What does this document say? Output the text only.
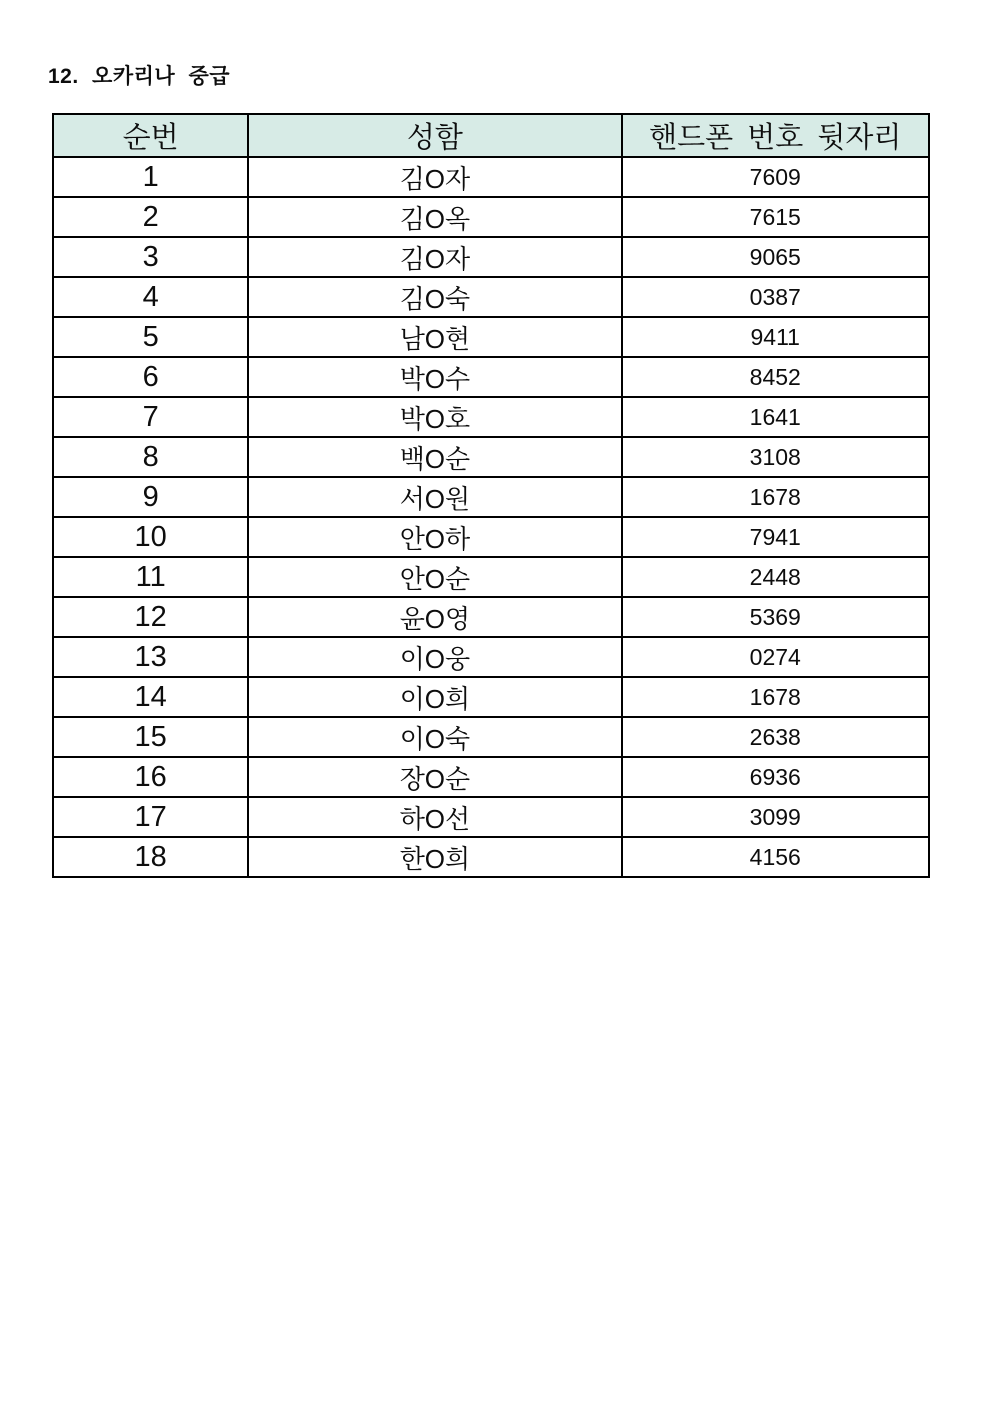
12. 오카리나 중급
순번	성함	핸드폰 번호 뒷자리
1	김O자	7609
2	김O옥	7615
3	김O자	9065
4	김O숙	0387
5	남O현	9411
6	박O수	8452
7	박O호	1641
8	백O순	3108
9	서O원	1678
10	안O하	7941
11	안O순	2448
12	윤O영	5369
13	이O웅	0274
14	이O희	1678
15	이O숙	2638
16	장O순	6936
17	하O선	3099
18	한O희	4156
